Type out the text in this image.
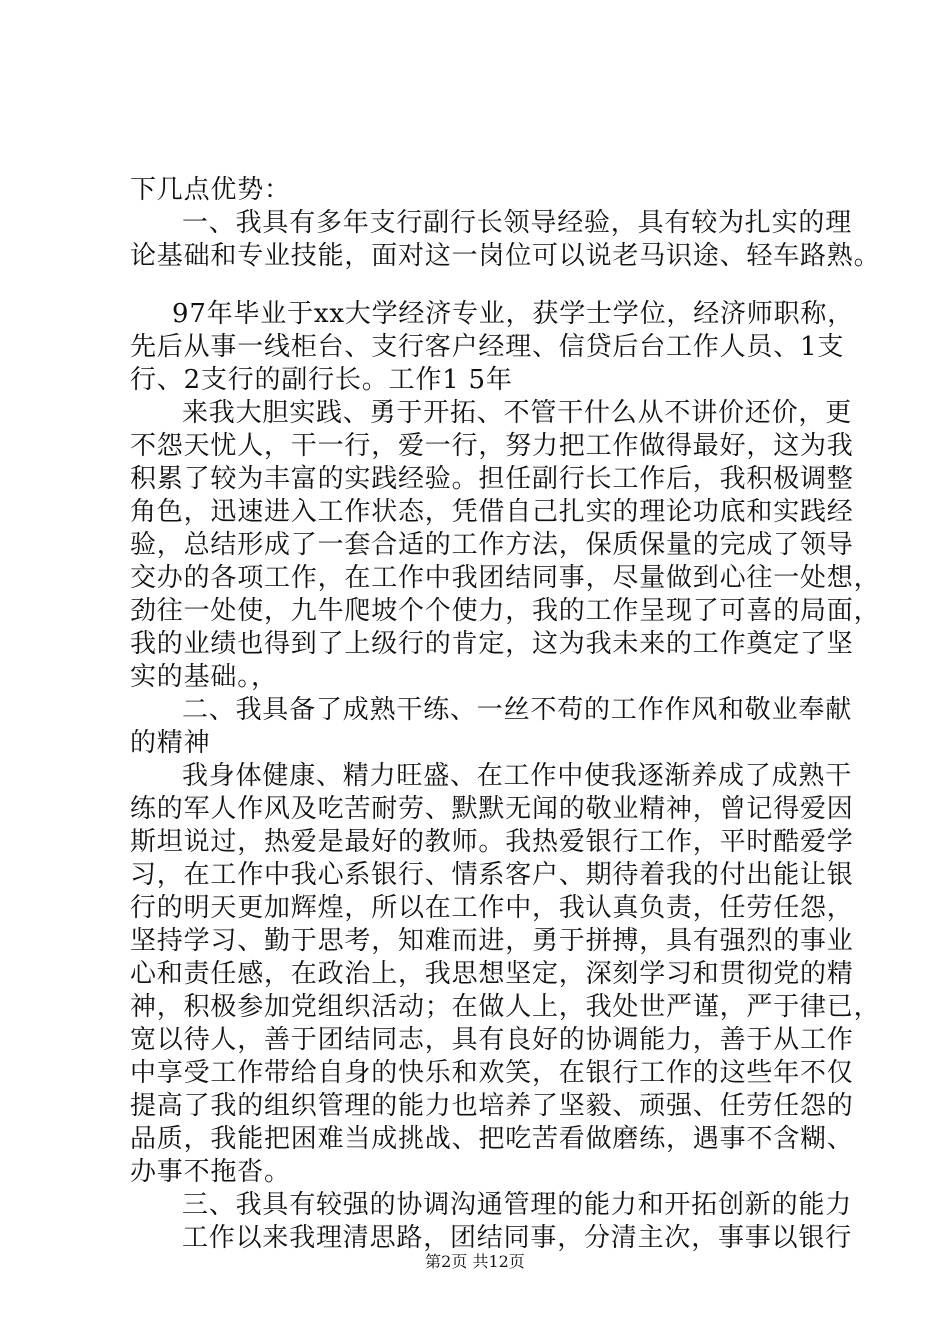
下几点优势：
一、我具有多年支行副行长领导经验，具有较为扎实的理
论基础和专业技能，面对这一岗位可以说老马识途、轻车路熟。
97年毕业于xx大学经济专业，获学士学位，经济师职称，
先后从事一线柜台、支行客户经理、信贷后台工作人员、1支
行、2支行的副行长。工作1 5年
来我大胆实践、勇于开拓、不管干什么从不讲价还价，更
不怨天忧人，干一行，爱一行，努力把工作做得最好，这为我
积累了较为丰富的实践经验。担任副行长工作后，我积极调整
角色，迅速进入工作状态，凭借自己扎实的理论功底和实践经
验，总结形成了一套合适的工作方法，保质保量的完成了领导
交办的各项工作，在工作中我团结同事，尽量做到心往一处想，
劲往一处使，九牛爬坡个个使力，我的工作呈现了可喜的局面，
我的业绩也得到了上级行的肯定，这为我未来的工作奠定了坚
实的基础。，
二、我具备了成熟干练、一丝不苟的工作作风和敬业奉献
的精神
我身体健康、精力旺盛、在工作中使我逐渐养成了成熟干
练的军人作风及吃苦耐劳、默默无闻的敬业精神，曾记得爱因
斯坦说过，热爱是最好的教师。我热爱银行工作，平时酷爱学
习，在工作中我心系银行、情系客户、期待着我的付出能让银
行的明天更加辉煌，所以在工作中，我认真负责，任劳任怨，
坚持学习、勤于思考，知难而进，勇于拼搏，具有强烈的事业
心和责任感，在政治上，我思想坚定，深刻学习和贯彻党的精
神，积极参加党组织活动；在做人上，我处世严谨，严于律已，
宽以待人，善于团结同志，具有良好的协调能力，善于从工作
中享受工作带给自身的快乐和欢笑，在银行工作的这些年不仅
提高了我的组织管理的能力也培养了坚毅、顽强、任劳任怨的
品质，我能把困难当成挑战、把吃苦看做磨练，遇事不含糊、
办事不拖沓。
三、我具有较强的协调沟通管理的能力和开拓创新的能力
工作以来我理清思路，团结同事，分清主次，事事以银行
第2页 共12页
